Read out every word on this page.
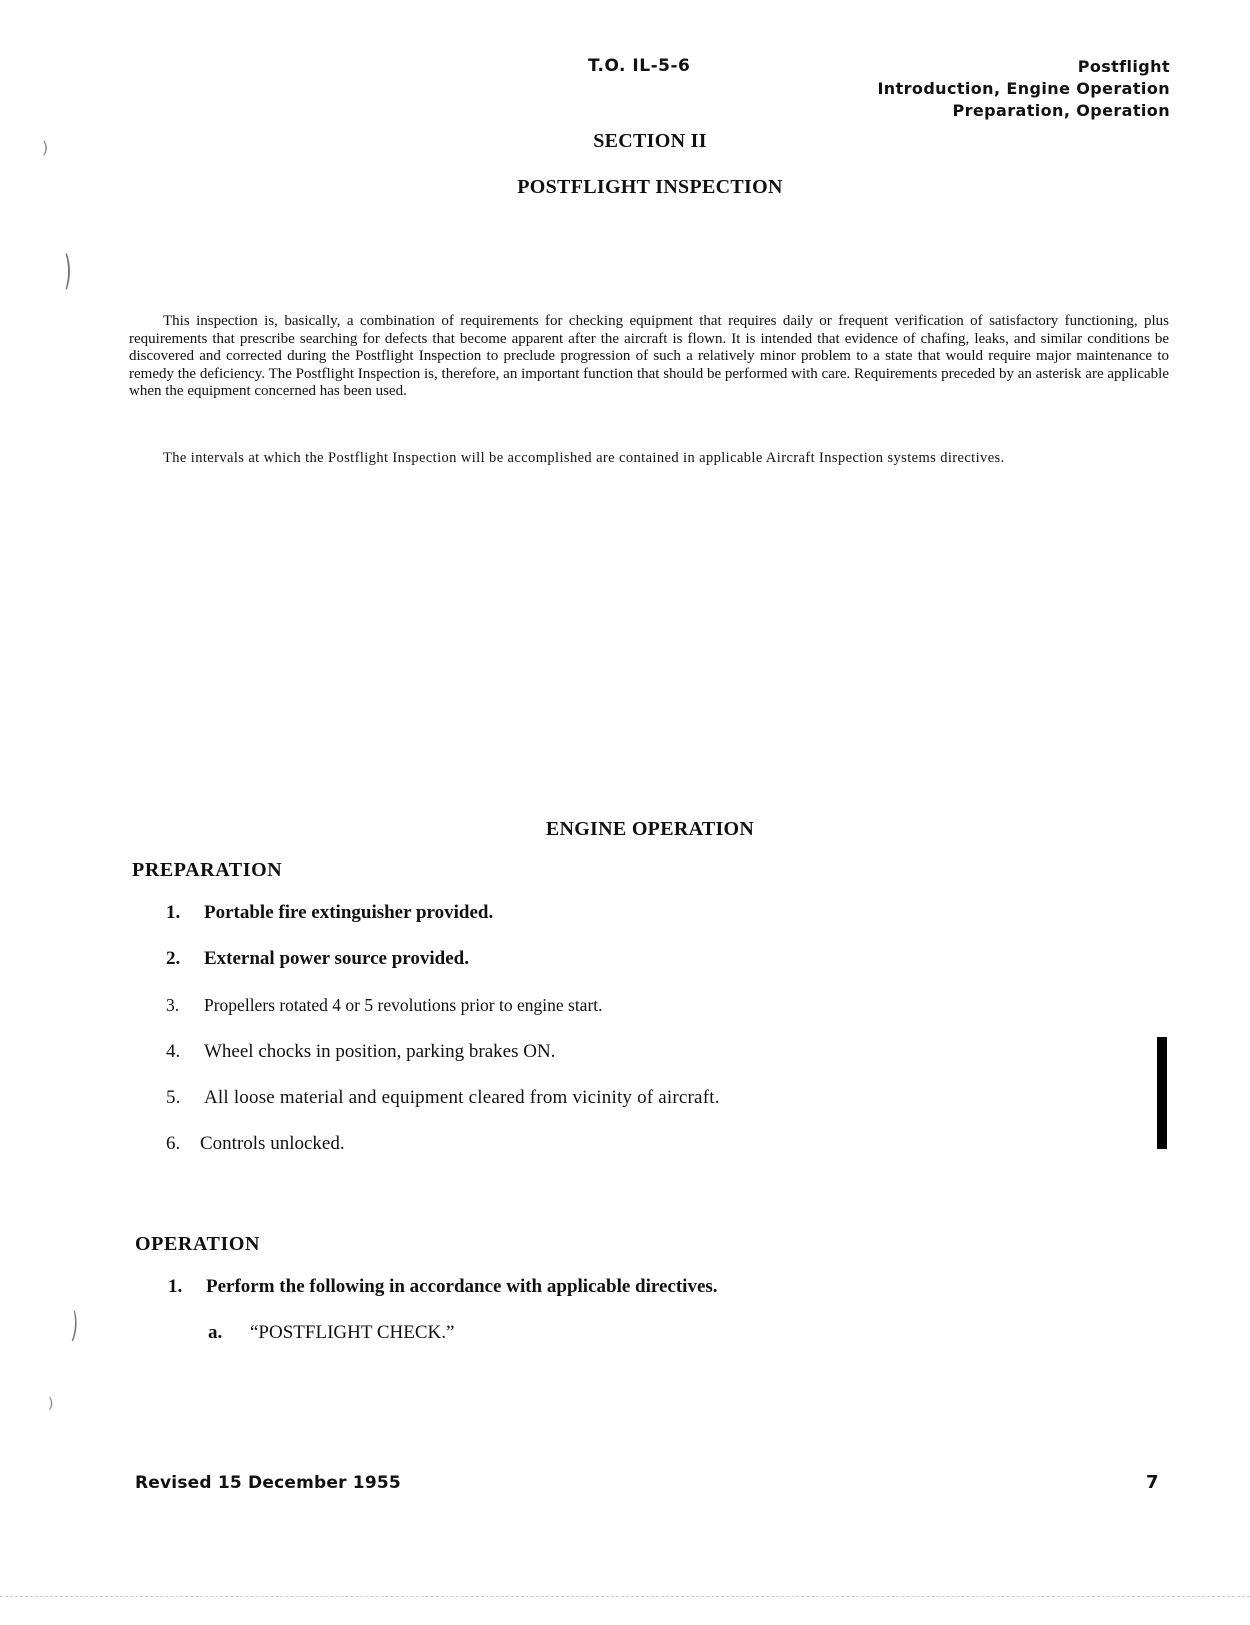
T.O. IL-5-6	Postflight
Introduction, Engine Operation
Preparation, Operation
SECTION II
POSTFLIGHT INSPECTION
This inspection is, basically, a combination of requirements for checking equipment that requires daily or frequent verification of satisfactory functioning, plus requirements that prescribe searching for defects that become apparent after the aircraft is flown. It is intended that evidence of chafing, leaks, and similar conditions be discovered and corrected during the Postflight Inspection to preclude progression of such a relatively minor problem to a state that would require major maintenance to remedy the deficiency. The Postflight Inspection is, therefore, an important function that should be performed with care. Requirements preceded by an asterisk are applicable when the equipment concerned has been used.
The intervals at which the Postflight Inspection will be accomplished are contained in applicable Aircraft Inspection systems directives.
ENGINE OPERATION
PREPARATION
1. Portable fire extinguisher provided.
2. External power source provided.
3. Propellers rotated 4 or 5 revolutions prior to engine start.
4. Wheel chocks in position, parking brakes ON.
5. All loose material and equipment cleared from vicinity of aircraft.
6. Controls unlocked.
OPERATION
1. Perform the following in accordance with applicable directives.
a. “POSTFLIGHT CHECK.”
Revised 15 December 1955	7
)
)
)
)
